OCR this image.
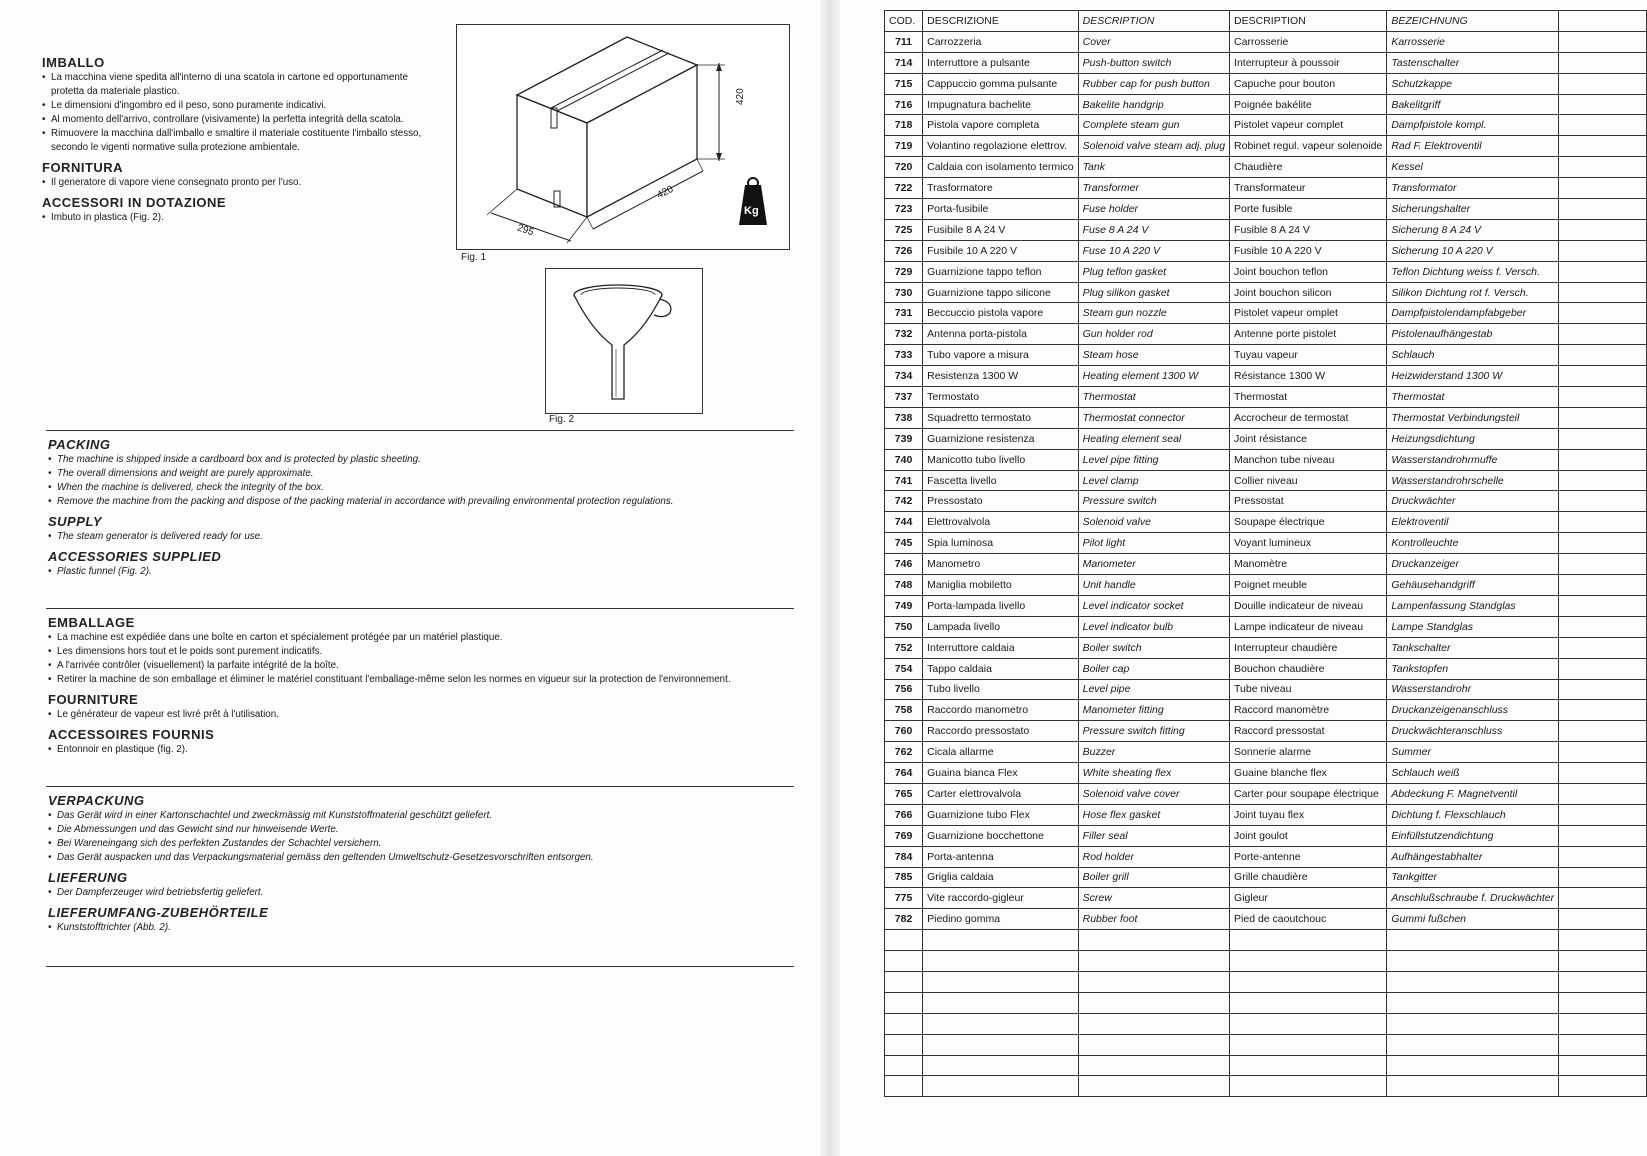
IMBALLO
• La macchina viene spedita all'interno di una scatola in cartone ed opportunamente protetta da materiale plastico.
• Le dimensioni d'ingombro ed il peso, sono puramente indicativi.
• Al momento dell'arrivo, controllare (visivamente) la perfetta integrità della scatola.
• Rimuovere la macchina dall'imballo e smaltire il materiale costituente l'imballo stesso, secondo le vigenti normative sulla protezione ambientale.
FORNITURA
• Il generatore di vapore viene consegnato pronto per l'uso.
ACCESSORI IN DOTAZIONE
• Imbuto in plastica (Fig. 2).
420
420
295
Kg
Fig. 1
Fig. 2
PACKING
• The machine is shipped inside a cardboard box and is protected by plastic sheeting.
• The overall dimensions and weight are purely approximate.
• When the machine is delivered, check the integrity of the box.
• Remove the machine from the packing and dispose of the packing material in accordance with prevailing environmental protection regulations.
SUPPLY
• The steam generator is delivered ready for use.
ACCESSORIES SUPPLIED
• Plastic funnel (Fig. 2).
EMBALLAGE
• La machine est expédiée dans une boîte en carton et spécialement protégée par un matériel plastique.
• Les dimensions hors tout et le poids sont purement indicatifs.
• A l'arrivée contrôler (visuellement) la parfaite intégrité de la boîte.
• Retirer la machine de son emballage et éliminer le matériel constituant l'emballage-même selon les normes en vigueur sur la protection de l'environnement.
FOURNITURE
• Le générateur de vapeur est livré prêt à l'utilisation.
ACCESSOIRES FOURNIS
• Entonnoir en plastique (fig. 2).
VERPACKUNG
• Das Gerät wird in einer Kartonschachtel und zweckmässig mit Kunststoffmaterial geschützt geliefert.
• Die Abmessungen und das Gewicht sind nur hinweisende Werte.
• Bei Wareneingang sich des perfekten Zustandes der Schachtel versichern.
• Das Gerät auspacken und das Verpackungsmaterial gemäss den geltenden Umweltschutz-Gesetzesvorschriften entsorgen.
LIEFERUNG
• Der Dampferzeuger wird betriebsfertig geliefert.
LIEFERUMFANG-ZUBEHÖRTEILE
• Kunststofftrichter (Abb. 2).
COD.	DESCRIZIONE	DESCRIPTION	DESCRIPTION	BEZEICHNUNG	
711	Carrozzeria	Cover	Carrosserie	Karrosserie	
714	Interruttore a pulsante	Push-button switch	Interrupteur à poussoir	Tastenschalter	
715	Cappuccio gomma pulsante	Rubber cap for push button	Capuche pour bouton	Schutzkappe	
716	Impugnatura bachelite	Bakelite handgrip	Poignée bakélite	Bakelitgriff	
718	Pistola vapore completa	Complete steam gun	Pistolet vapeur complet	Dampfpistole kompl.	
719	Volantino regolazione elettrov.	Solenoid valve steam adj. plug	Robinet regul. vapeur solenoide	Rad F. Elektroventil	
720	Caldaia con isolamento termico	Tank	Chaudière	Kessel	
722	Trasformatore	Transformer	Transformateur	Transformator	
723	Porta-fusibile	Fuse holder	Porte fusible	Sicherungshalter	
725	Fusibile 8 A 24 V	Fuse 8 A 24 V	Fusible 8 A 24 V	Sicherung 8 A 24 V	
726	Fusibile 10 A 220 V	Fuse 10 A 220 V	Fusible 10 A 220 V	Sicherung 10 A 220 V	
729	Guarnizione tappo teflon	Plug teflon gasket	Joint bouchon teflon	Teflon Dichtung weiss f. Versch.	
730	Guarnizione tappo silicone	Plug silikon gasket	Joint bouchon silicon	Silikon Dichtung rot f. Versch.	
731	Beccuccio pistola vapore	Steam gun nozzle	Pistolet vapeur omplet	Dampfpistolendampfabgeber	
732	Antenna porta-pistola	Gun holder rod	Antenne porte pistolet	Pistolenaufhängestab	
733	Tubo vapore a misura	Steam hose	Tuyau vapeur	Schlauch	
734	Resistenza 1300 W	Heating element 1300 W	Résistance 1300 W	Heizwiderstand 1300 W	
737	Termostato	Thermostat	Thermostat	Thermostat	
738	Squadretto termostato	Thermostat connector	Accrocheur de termostat	Thermostat Verbindungsteil	
739	Guarnizione resistenza	Heating element seal	Joint résistance	Heizungsdichtung	
740	Manicotto tubo livello	Level pipe fitting	Manchon tube niveau	Wasserstandrohrmuffe	
741	Fascetta livello	Level clamp	Collier niveau	Wasserstandrohrschelle	
742	Pressostato	Pressure switch	Pressostat	Druckwächter	
744	Elettrovalvola	Solenoid valve	Soupape électrique	Elektroventil	
745	Spia luminosa	Pilot light	Voyant lumineux	Kontrolleuchte	
746	Manometro	Manometer	Manomètre	Druckanzeiger	
748	Maniglia mobiletto	Unit handle	Poignet meuble	Gehäusehandgriff	
749	Porta-lampada livello	Level indicator socket	Douille indicateur de niveau	Lampenfassung Standglas	
750	Lampada livello	Level indicator bulb	Lampe indicateur de niveau	Lampe Standglas	
752	Interruttore caldaia	Boiler switch	Interrupteur chaudière	Tankschalter	
754	Tappo caldaia	Boiler cap	Bouchon chaudière	Tankstopfen	
756	Tubo livello	Level pipe	Tube niveau	Wasserstandrohr	
758	Raccordo manometro	Manometer fitting	Raccord manomètre	Druckanzeigenanschluss	
760	Raccordo pressostato	Pressure switch fitting	Raccord pressostat	Druckwächteranschluss	
762	Cicala allarme	Buzzer	Sonnerie alarme	Summer	
764	Guaina bianca Flex	White sheating flex	Guaine blanche flex	Schlauch weiß	
765	Carter elettrovalvola	Solenoid valve cover	Carter pour soupape électrique	Abdeckung F. Magnetventil	
766	Guarnizione tubo Flex	Hose flex gasket	Joint tuyau flex	Dichtung f. Flexschlauch	
769	Guarnizione bocchettone	Filler seal	Joint goulot	Einfüllstutzendichtung	
784	Porta-antenna	Rod holder	Porte-antenne	Aufhängestabhalter	
785	Griglia caldaia	Boiler grill	Grille chaudière	Tankgitter	
775	Vite raccordo-gigleur	Screw	Gigleur	Anschlußschraube f. Druckwächter	
782	Piedino gomma	Rubber foot	Pied de caoutchouc	Gummi fußchen	
